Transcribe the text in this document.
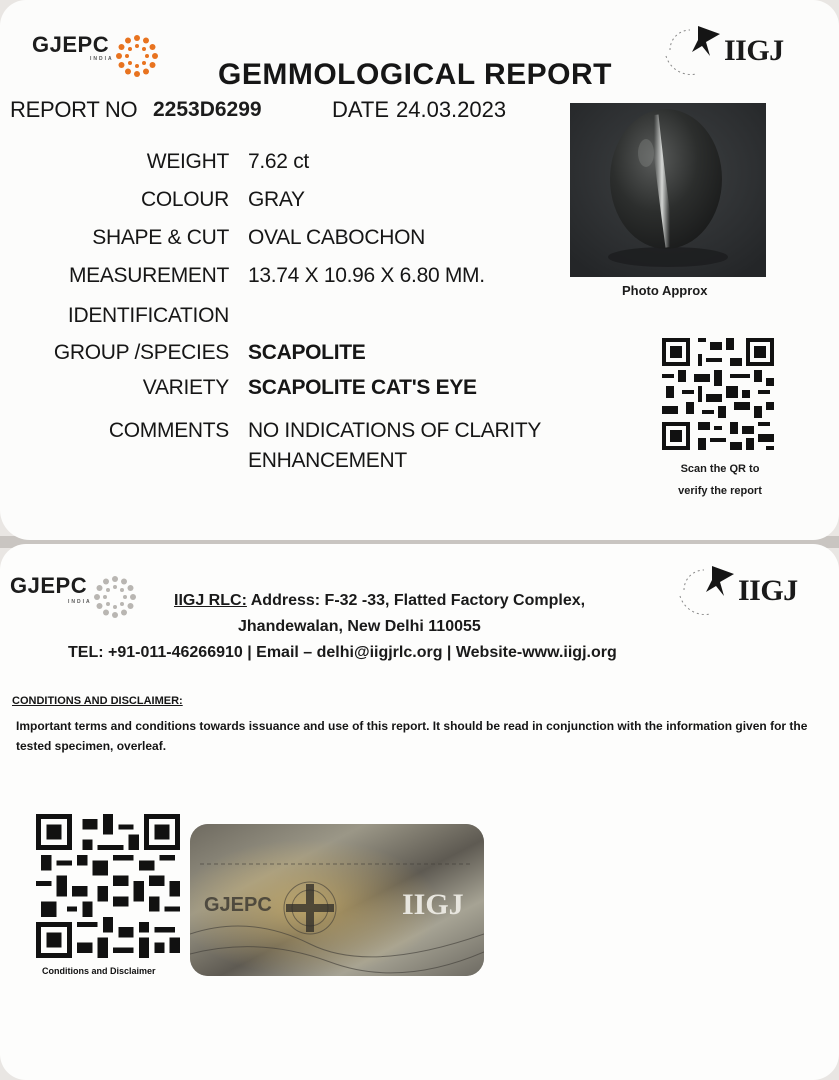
GJEPC
INDIA	IIGJ
GEMMOLOGICAL REPORT
REPORT NO 2253D6299	DATE 24.03.2023
WEIGHT 7.62 ct
COLOUR GRAY
SHAPE & CUT OVAL CABOCHON
MEASUREMENT 13.74 X 10.96 X 6.80 MM.
IDENTIFICATION
GROUP /SPECIES SCAPOLITE
VARIETY SCAPOLITE CAT'S EYE
COMMENTS NO INDICATIONS OF CLARITY
ENHANCEMENT
Photo Approx
Scan the QR to
verify the report
GJEPC
INDIA	IIGJ
IIGJ RLC: Address: F-32 -33, Flatted Factory Complex,
Jhandewalan, New Delhi 110055
TEL: +91-011-46266910 | Email – delhi@iigjrlc.org | Website-www.iigj.org
CONDITIONS AND DISCLAIMER:
Important terms and conditions towards issuance and use of this report. It should be read in conjunction with the information given for the tested specimen, overleaf.
Conditions and Disclaimer
GJEPC	IIGJ
